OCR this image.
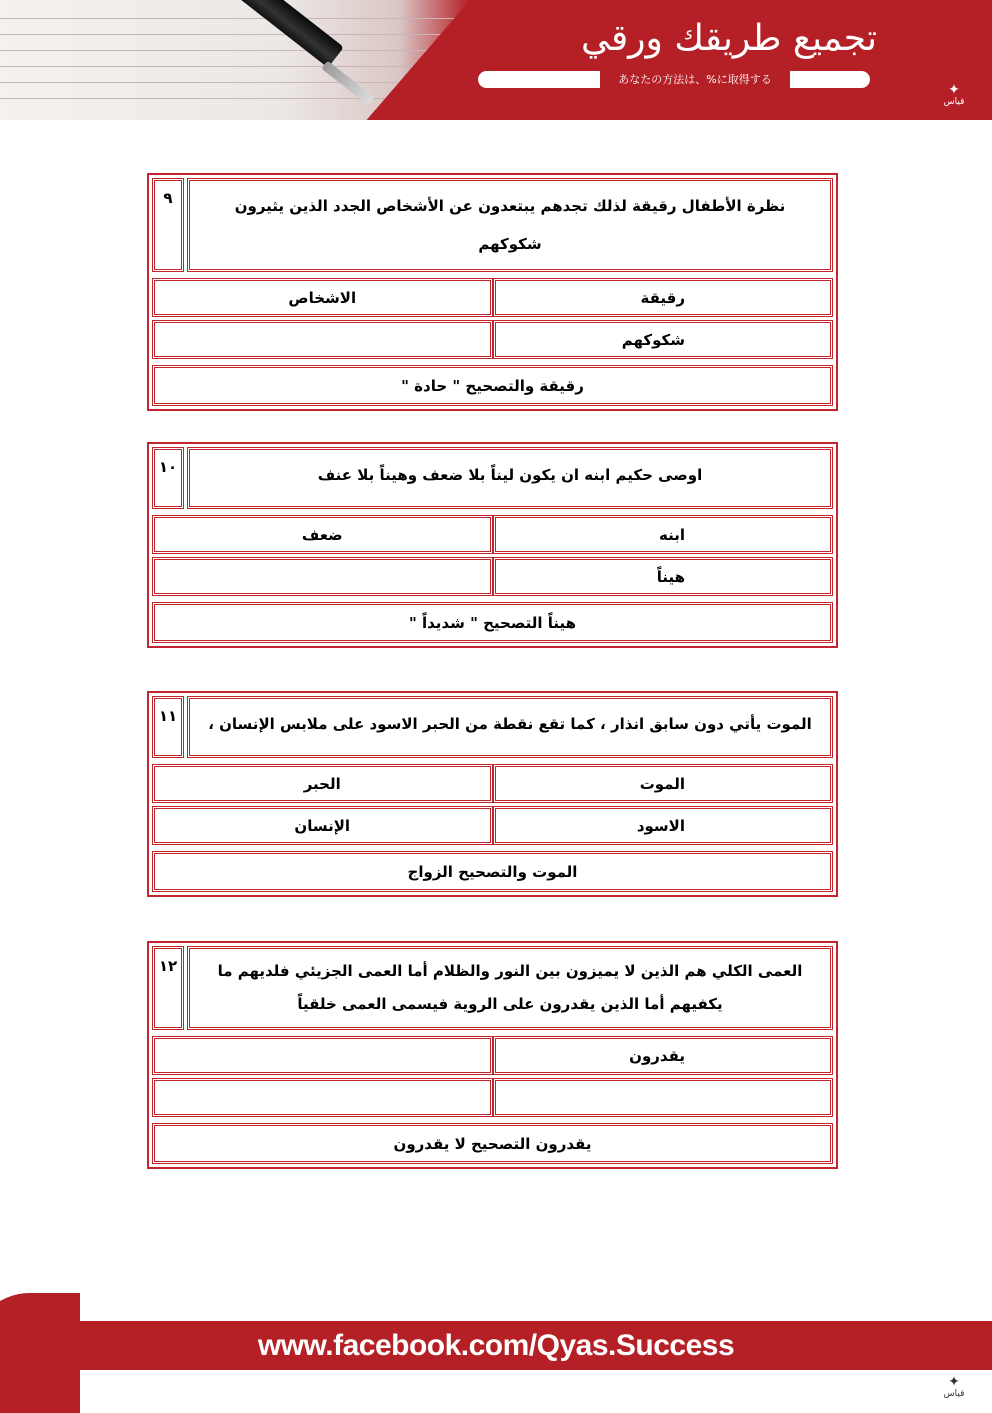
تجميع طريقك ورقي
あなたの方法は、%に取得する
✦
قياس
٩	نظرة الأطفال رقيقة لذلك تجدهم يبتعدون عن الأشخاص الجدد الذين يثيرون شكوكهم

رقيقة	الاشخاص
شكوكهم	

رقيقة والتصحيح " حادة "
١٠	اوصى حكيم ابنه ان يكون ليناً بلا ضعف وهيناً بلا عنف

ابنه	ضعف
هيناً	

هيناً التصحيح " شديداً "
١١	الموت يأتي دون سابق انذار ، كما تقع نقطة من الحبر الاسود على ملابس الإنسان ،

الموت	الحبر
الاسود	الإنسان

الموت والتصحيح الزواج
١٢	العمى الكلي هم الذين لا يميزون بين النور والظلام أما العمى الجزيئي فلديهم ما يكفيهم أما الذين يقدرون على الروية فيسمى العمى خلقياً

يقدرون	

يقدرون التصحيح لا يقدرون
www.facebook.com/Qyas.Success
✦
قياس
